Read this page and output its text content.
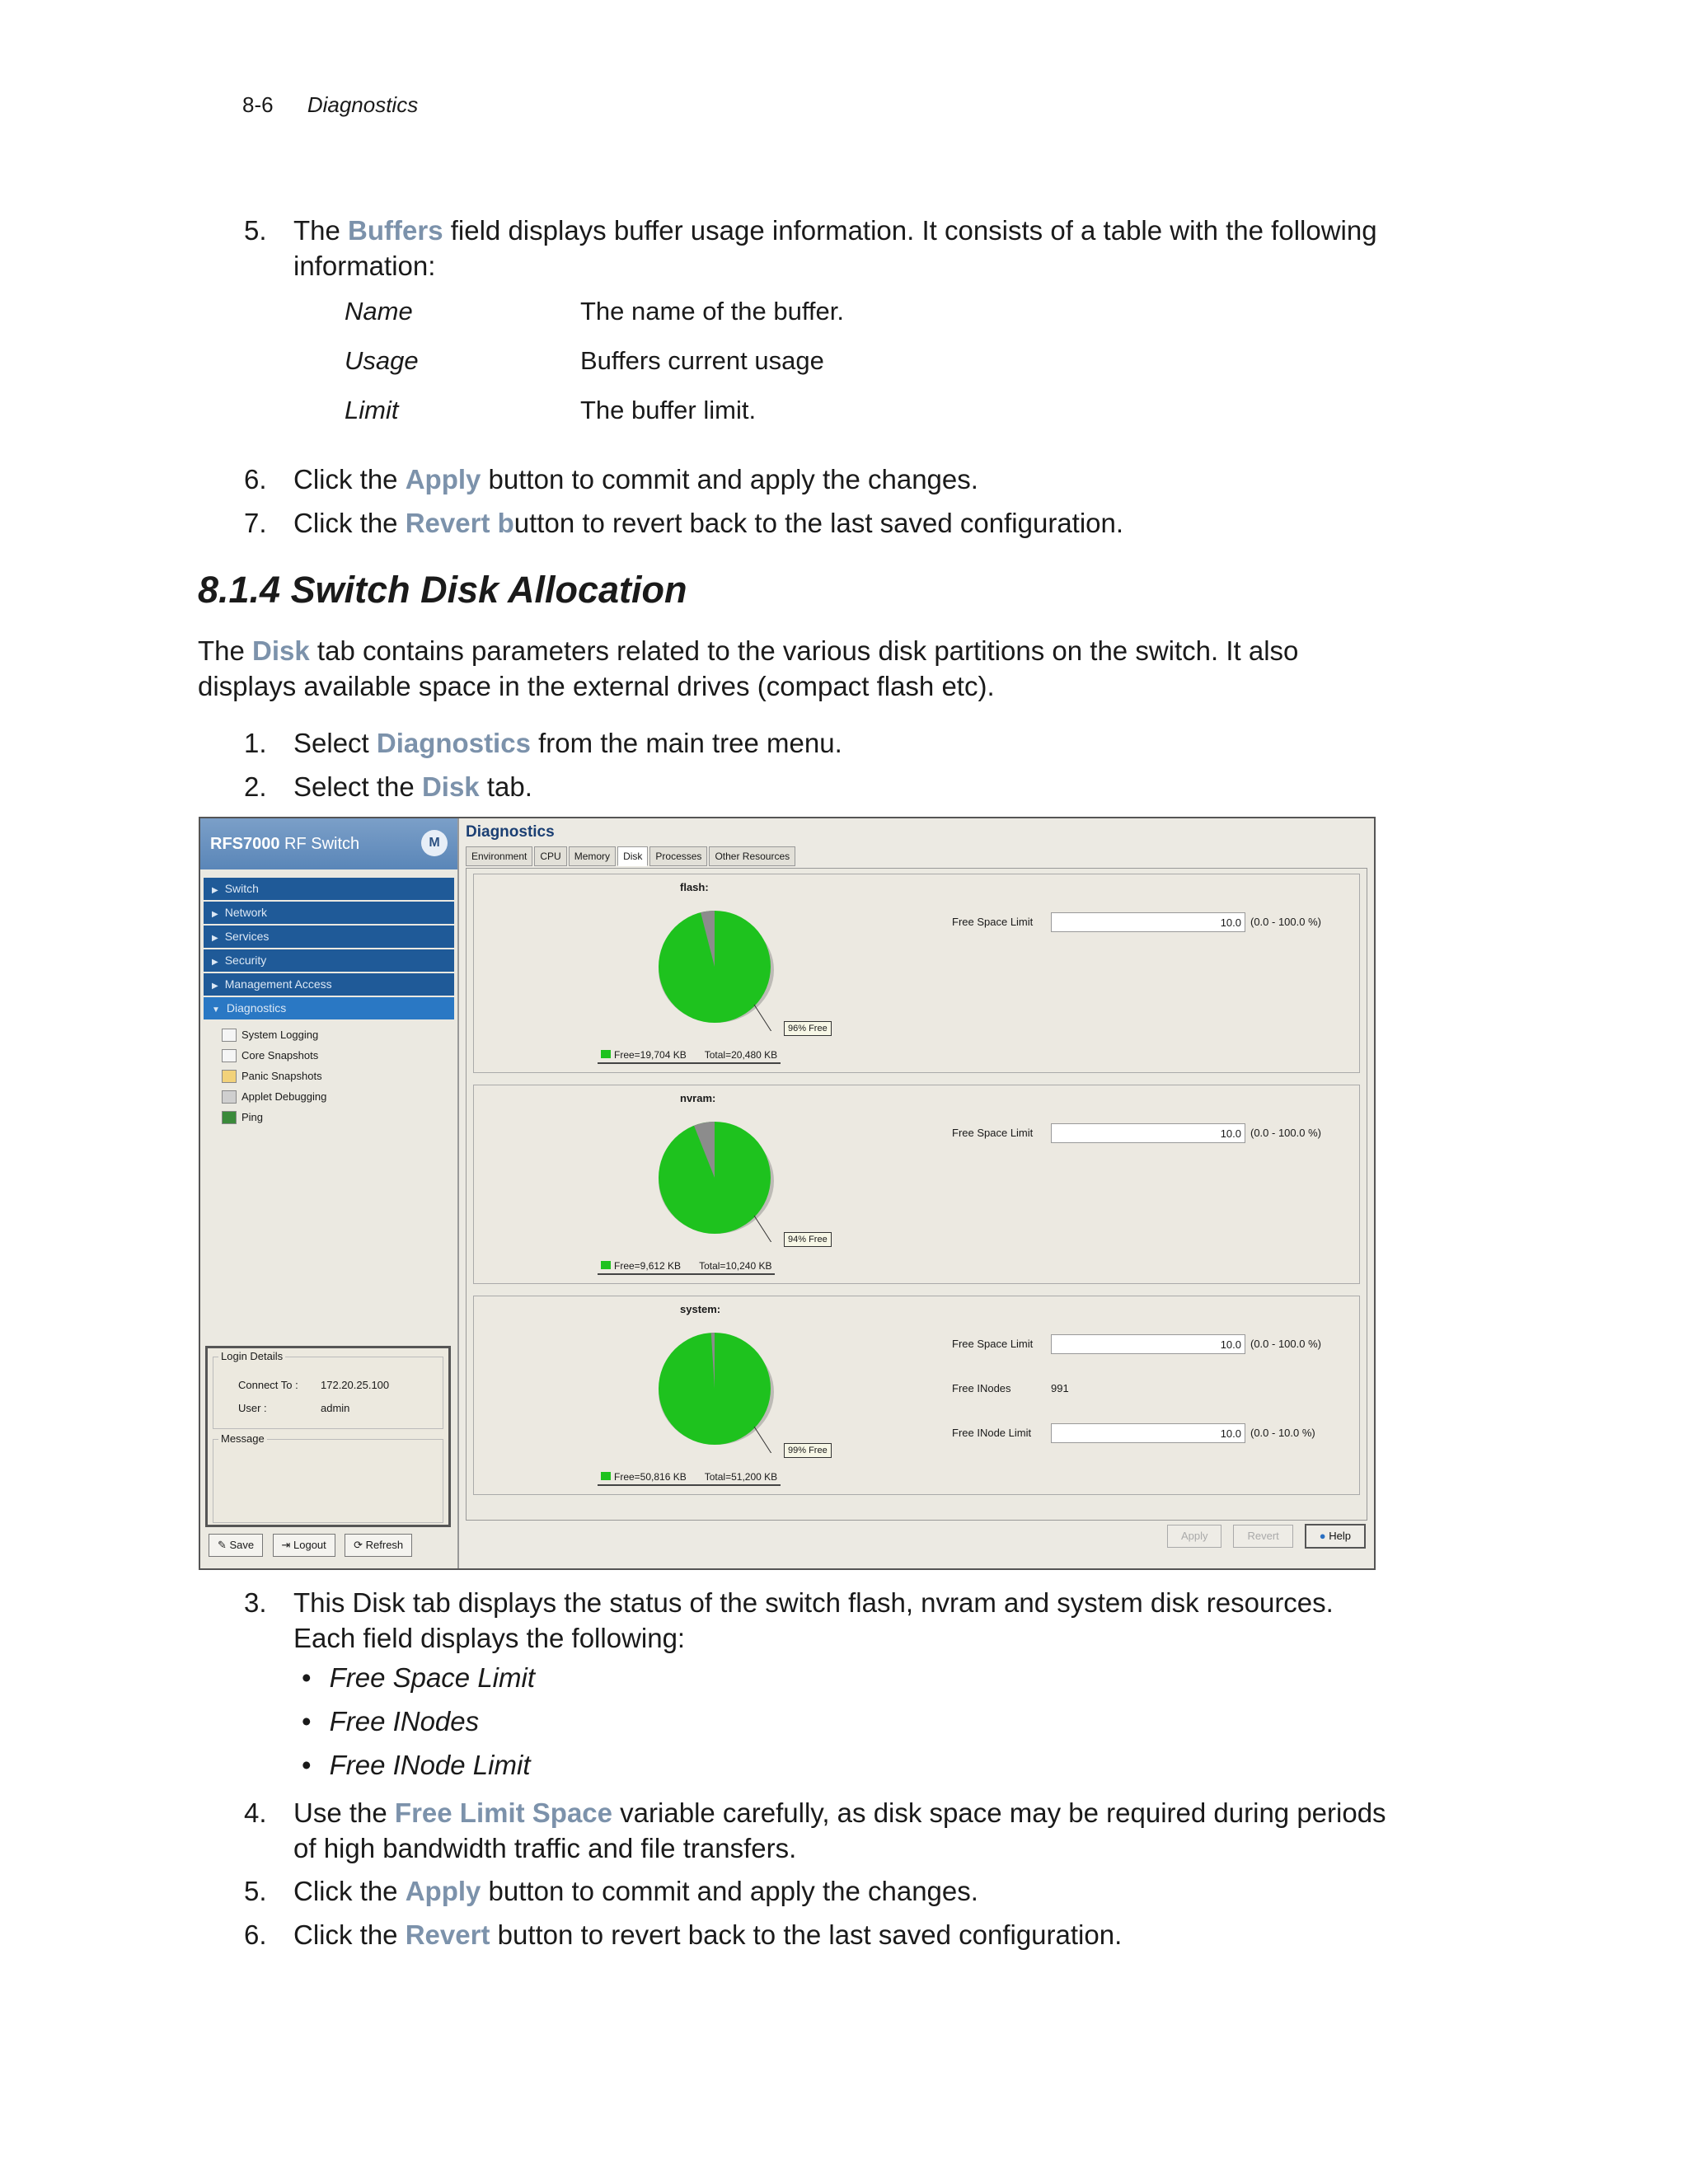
8-6 Diagnostics
5. The Buffers field displays buffer usage information. It consists of a table with the following information:
Name	The name of the buffer.
Usage	Buffers current usage
Limit	The buffer limit.
6. Click the Apply button to commit and apply the changes.
7. Click the Revert button to revert back to the last saved configuration.
8.1.4 Switch Disk Allocation
The Disk tab contains parameters related to the various disk partitions on the switch. It also displays available space in the external drives (compact flash etc).
1. Select Diagnostics from the main tree menu.
2. Select the Disk tab.
RFS7000 RF Switch	M
▶ Switch
▶ Network
▶ Services
▶ Security
▶ Management Access
▼ Diagnostics
System Logging
Core Snapshots
Panic Snapshots
Applet Debugging
Ping
Login Details
Connect To : 172.20.25.100
User :	admin
Message
✎ Save	⇥ Logout	⟳ Refresh
Diagnostics
Environment CPU Memory Disk Processes Other Resources
flash:
96% Free
Free=19,704 KB Total=20,480 KB
Free Space Limit	10.0 (0.0 - 100.0 %)
nvram:
94% Free
Free=9,612 KB Total=10,240 KB
Free Space Limit	10.0 (0.0 - 100.0 %)
system:
99% Free
Free=50,816 KB Total=51,200 KB
Free Space Limit	10.0 (0.0 - 100.0 %)
Free INodes	991
Free INode Limit	10.0 (0.0 - 10.0 %)
Apply	Revert	● Help
3. This Disk tab displays the status of the switch flash, nvram and system disk resources. Each field displays the following:
• Free Space Limit
• Free INodes
• Free INode Limit
4. Use the Free Limit Space variable carefully, as disk space may be required during periods of high bandwidth traffic and file transfers.
5. Click the Apply button to commit and apply the changes.
6. Click the Revert button to revert back to the last saved configuration.
